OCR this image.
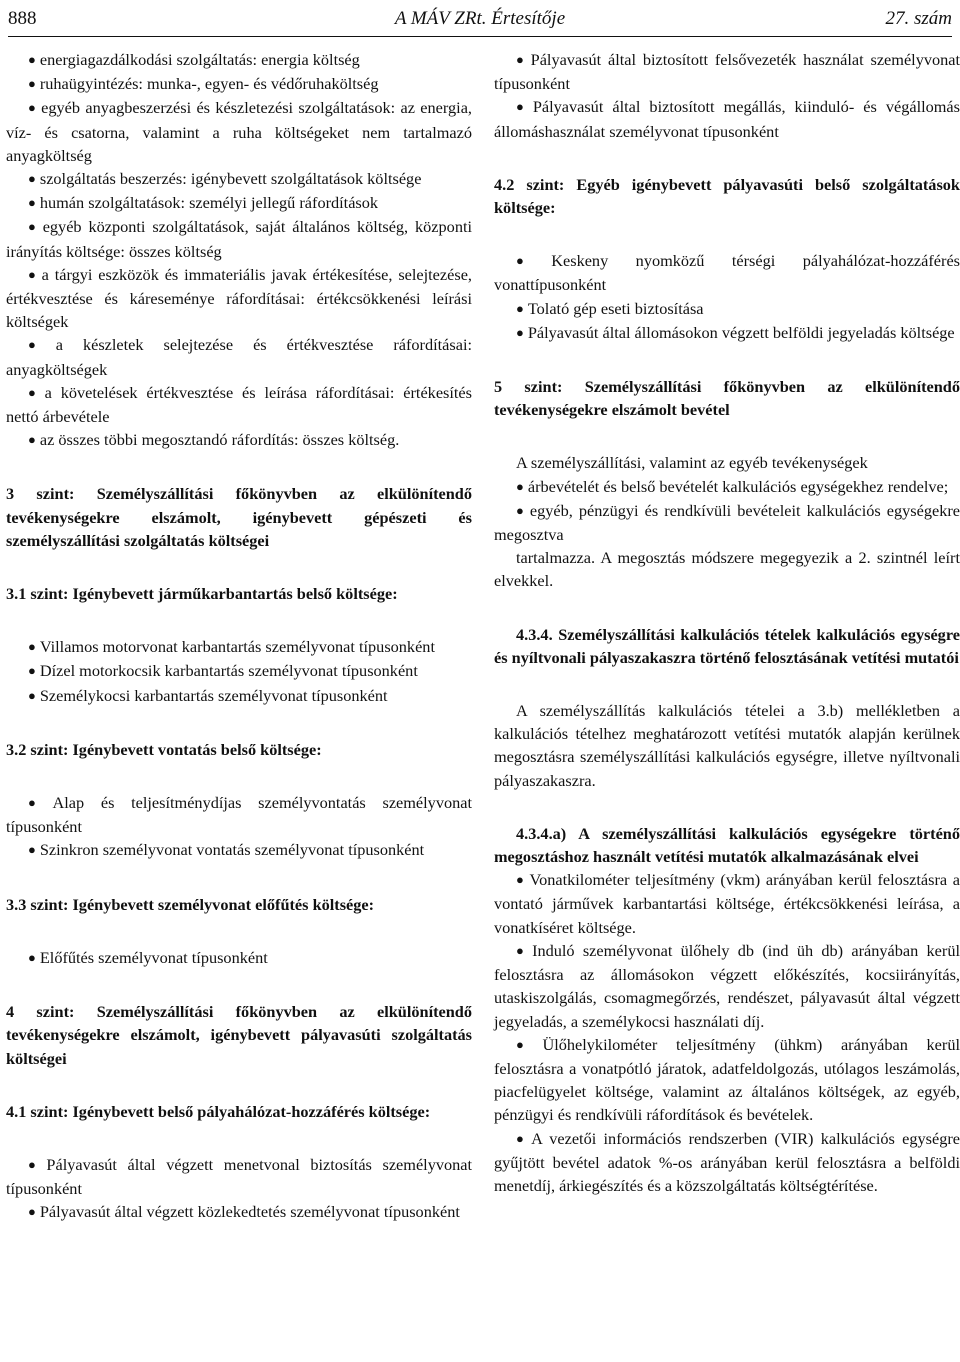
888	A MÁV ZRt. Értesítője	27. szám

● energiagazdálkodási szolgáltatás: energia költség

● ruhaügyintézés: munka-, egyen- és védőruhaköltség

● egyéb anyagbeszerzési és készletezési szolgáltatások: az energia, víz- és csatorna, valamint a ruha költségeket nem tartalmazó anyagköltség

● szolgáltatás beszerzés: igénybevett szolgáltatások költsége

● humán szolgáltatások: személyi jellegű ráfordítások

● egyéb központi szolgáltatások, saját általános költség, központi irányítás költsége: összes költség

● a tárgyi eszközök és immateriális javak értékesítése, selejtezése, értékvesztése és káreseménye ráfordításai: értékcsökkenési leírási költségek

● a készletek selejtezése és értékvesztése ráfordításai: anyagköltségek

● a követelések értékvesztése és leírása ráfordításai: értékesítés nettó árbevétele

● az összes többi megosztandó ráfordítás: összes költség.

3 szint: Személyszállítási főkönyvben az elkülönítendő tevékenységekre elszámolt, igénybevett gépészeti és személyszállítási szolgáltatás költségei

3.1 szint: Igénybevett járműkarbantartás belső költsége:

● Villamos motorvonat karbantartás személyvonat típusonként

● Dízel motorkocsik karbantartás személyvonat típusonként

● Személykocsi karbantartás személyvonat típusonként

3.2 szint: Igénybevett vontatás belső költsége:

● Alap és teljesítménydíjas személyvontatás személyvonat típusonként

● Szinkron személyvonat vontatás személyvonat típusonként

3.3 szint: Igénybevett személyvonat előfűtés költsége:

● Előfűtés személyvonat típusonként

4 szint: Személyszállítási főkönyvben az elkülönítendő tevékenységekre elszámolt, igénybevett pályavasúti szolgáltatás költségei

4.1 szint: Igénybevett belső pályahálózat-hozzáférés költsége:

● Pályavasút által végzett menetvonal biztosítás személyvonat típusonként

● Pályavasút által végzett közlekedtetés személyvonat típusonként

● Pályavasút által biztosított felsővezeték használat személyvonat típusonként

● Pályavasút által biztosított megállás, kiinduló- és végállomás állomáshasználat személyvonat típusonként

4.2 szint: Egyéb igénybevett pályavasúti belső szolgáltatások költsége:

● Keskeny nyomközű térségi pályahálózat-hozzáférés vonattípusonként

● Tolató gép eseti biztosítása

● Pályavasút által állomásokon végzett belföldi jegyeladás költsége

5 szint: Személyszállítási főkönyvben az elkülönítendő tevékenységekre elszámolt bevétel

A személyszállítási, valamint az egyéb tevékenységek

● árbevételét és belső bevételét kalkulációs egységekhez rendelve;

● egyéb, pénzügyi és rendkívüli bevételeit kalkulációs egységekre megosztva

tartalmazza. A megosztás módszere megegyezik a 2. szintnél leírt elvekkel.

4.3.4. Személyszállítási kalkulációs tételek kalkulációs egységre és nyíltvonali pályaszakaszra történő felosztásának vetítési mutatói

A személyszállítás kalkulációs tételei a 3.b) mellékletben a kalkulációs tételhez meghatározott vetítési mutatók alapján kerülnek megosztásra személyszállítási kalkulációs egységre, illetve nyíltvonali pályaszakaszra.

4.3.4.a) A személyszállítási kalkulációs egységekre történő megosztáshoz használt vetítési mutatók alkalmazásának elvei

● Vonatkilométer teljesítmény (vkm) arányában kerül felosztásra a vontató járművek karbantartási költsége, értékcsökkenési leírása, a vonatkíséret költsége.

● Induló személyvonat ülőhely db (ind üh db) arányában kerül felosztásra az állomásokon végzett előkészítés, kocsiirányítás, utaskiszolgálás, csomagmegőrzés, rendészet, pályavasút által végzett jegyeladás, a személykocsi használati díj.

● Ülőhelykilométer teljesítmény (ühkm) arányában kerül felosztásra a vonatpótló járatok, adatfeldolgozás, utólagos leszámolás, piacfelügyelet költsége, valamint az általános költségek, az egyéb, pénzügyi és rendkívüli ráfordítások és bevételek.

● A vezetői információs rendszerben (VIR) kalkulációs egységre gyűjtött bevétel adatok %-os arányában kerül felosztásra a belföldi menetdíj, árkiegészítés és a közszolgáltatás költségtérítése.
